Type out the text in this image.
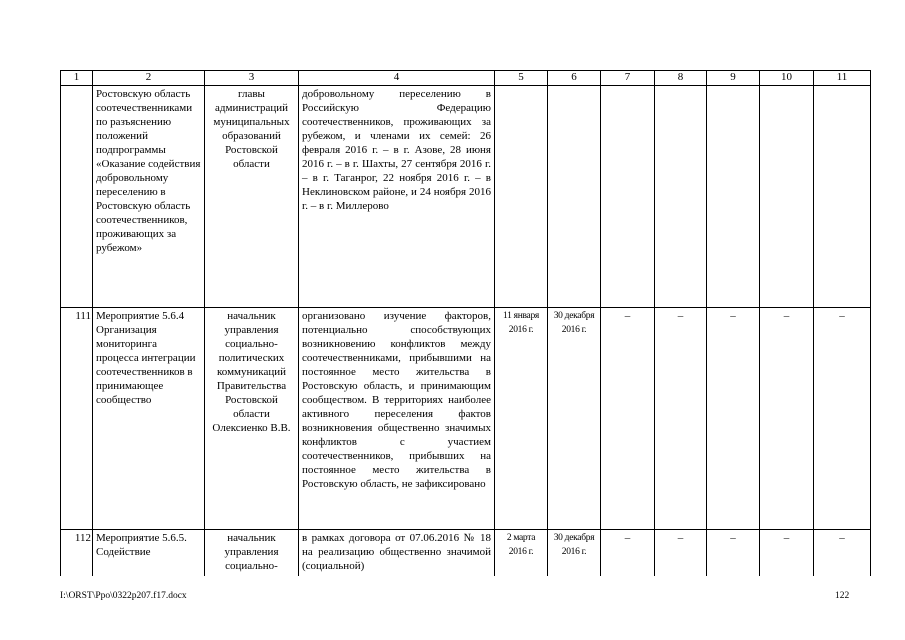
1	2	3	4	5	6	7	8	9	10	11
	Ростовскую область соотечественниками по разъяснению положений подпрограммы «Оказание содействия добровольному переселению в Ростовскую область соотечественников, проживающих за рубежом»	главы администраций муниципальных образований Ростовской области	добровольному переселению в Российскую Федерацию соотечественников, проживающих за рубежом, и членами их семей: 26 февраля 2016 г. – в г. Азове, 28 июня 2016 г. – в г. Шахты, 27 сентября 2016 г. – в г. Таганрог, 22 ноября 2016 г. – в Неклиновском районе, и 24 ноября 2016 г. – в г. Миллерово							
111	Мероприятие 5.6.4 Организация мониторинга процесса интеграции соотечественников в принимающее сообщество	начальник управления социально-политических коммуникаций Правительства Ростовской области Олексиенко В.В.	организовано изучение факторов, потенциально способствующих возникновению конфликтов между соотечественниками, прибывшими на постоянное место жительства в Ростовскую область, и принимающим сообществом. В территориях наиболее активного переселения фактов возникновения общественно значимых конфликтов с участием соотечественников, прибывших на постоянное место жительства в Ростовскую область, не зафиксировано	11 января 2016 г.	30 декабря 2016 г.	–	–	–	–	–
112	Мероприятие 5.6.5. Содействие	начальник управления социально-	в рамках договора от 07.06.2016 № 18 на реализацию общественно значимой (социальной)	2 марта 2016 г.	30 декабря 2016 г.	–	–	–	–	–
I:\ORST\Ppo\0322p207.f17.docx	122
